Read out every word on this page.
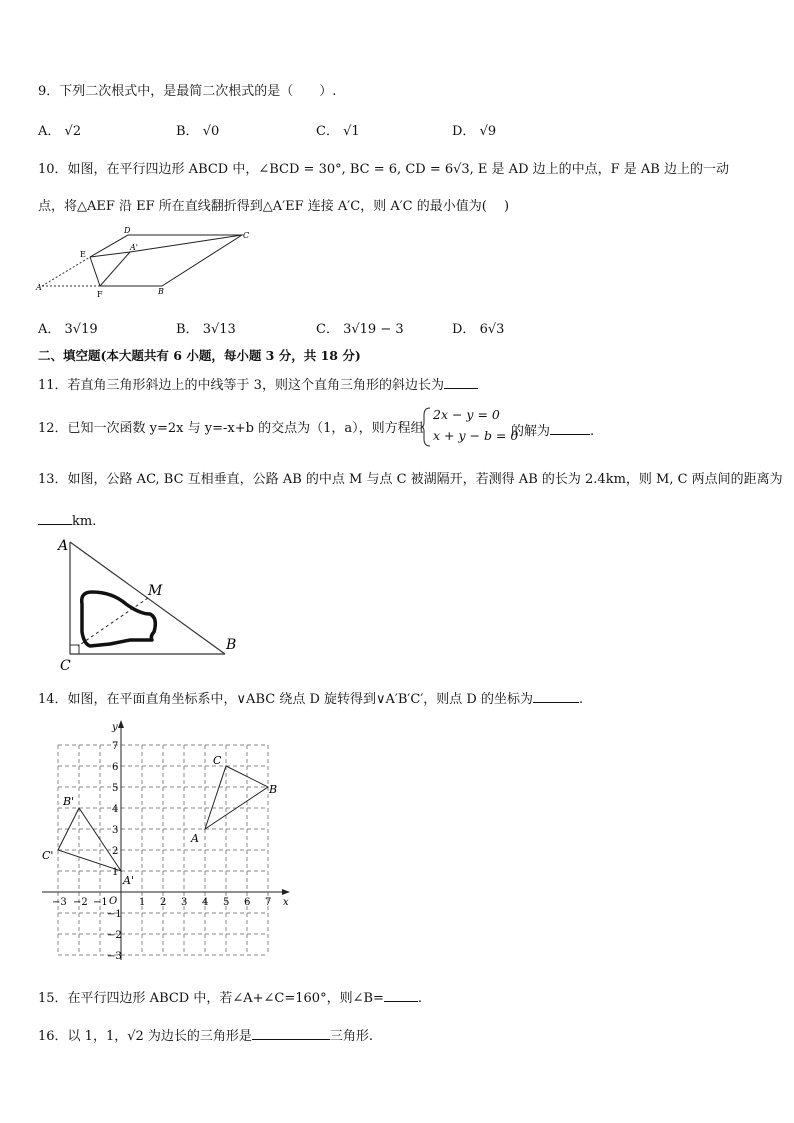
9．下列二次根式中，是最简二次根式的是（　　）.
A． √2	B． √0	C． √1	D． √9
10．如图，在平行四边形 ABCD 中，∠BCD = 30°, BC = 6, CD = 6√3, E 是 AD 边上的中点，F 是 AB 边上的一动
点，将△AEF 沿 EF 所在直线翻折得到△A′EF 连接 A′C，则 A′C 的最小值为(　 )
D
C
E
A'
A
F	B
A． 3√19	B． 3√13	C． 3√19 − 3	D． 6√3
二、填空题(本大题共有 6 小题，每小题 3 分，共 18 分)
11．若直角三角形斜边上的中线等于 3，则这个直角三角形的斜边长为
12．已知一次函数 y=2x 与 y=-x+b 的交点为（1，a），则方程组
2x − y = 0
x + y − b = 0
的解为	.
13．如图，公路 AC, BC 互相垂直，公路 AB 的中点 M 与点 C 被湖隔开，若测得 AB 的长为 2.4km，则 M, C 两点间的距离为
km.
A
M
B
C
14．如图，在平面直角坐标系中，∨ABC 绕点 D 旋转得到∨A′B′C′，则点 D 的坐标为	.
x
y
O
−3 −2 −1	1 2 3 4 5 6 7
7
6
5
4
3
2
1
−1
−2
−3
A
B
C
A'
B'
C'
15．在平行四边形 ABCD 中，若∠A+∠C=160°，则∠B=	.
16．以 1，1，√2 为边长的三角形是	三角形.
